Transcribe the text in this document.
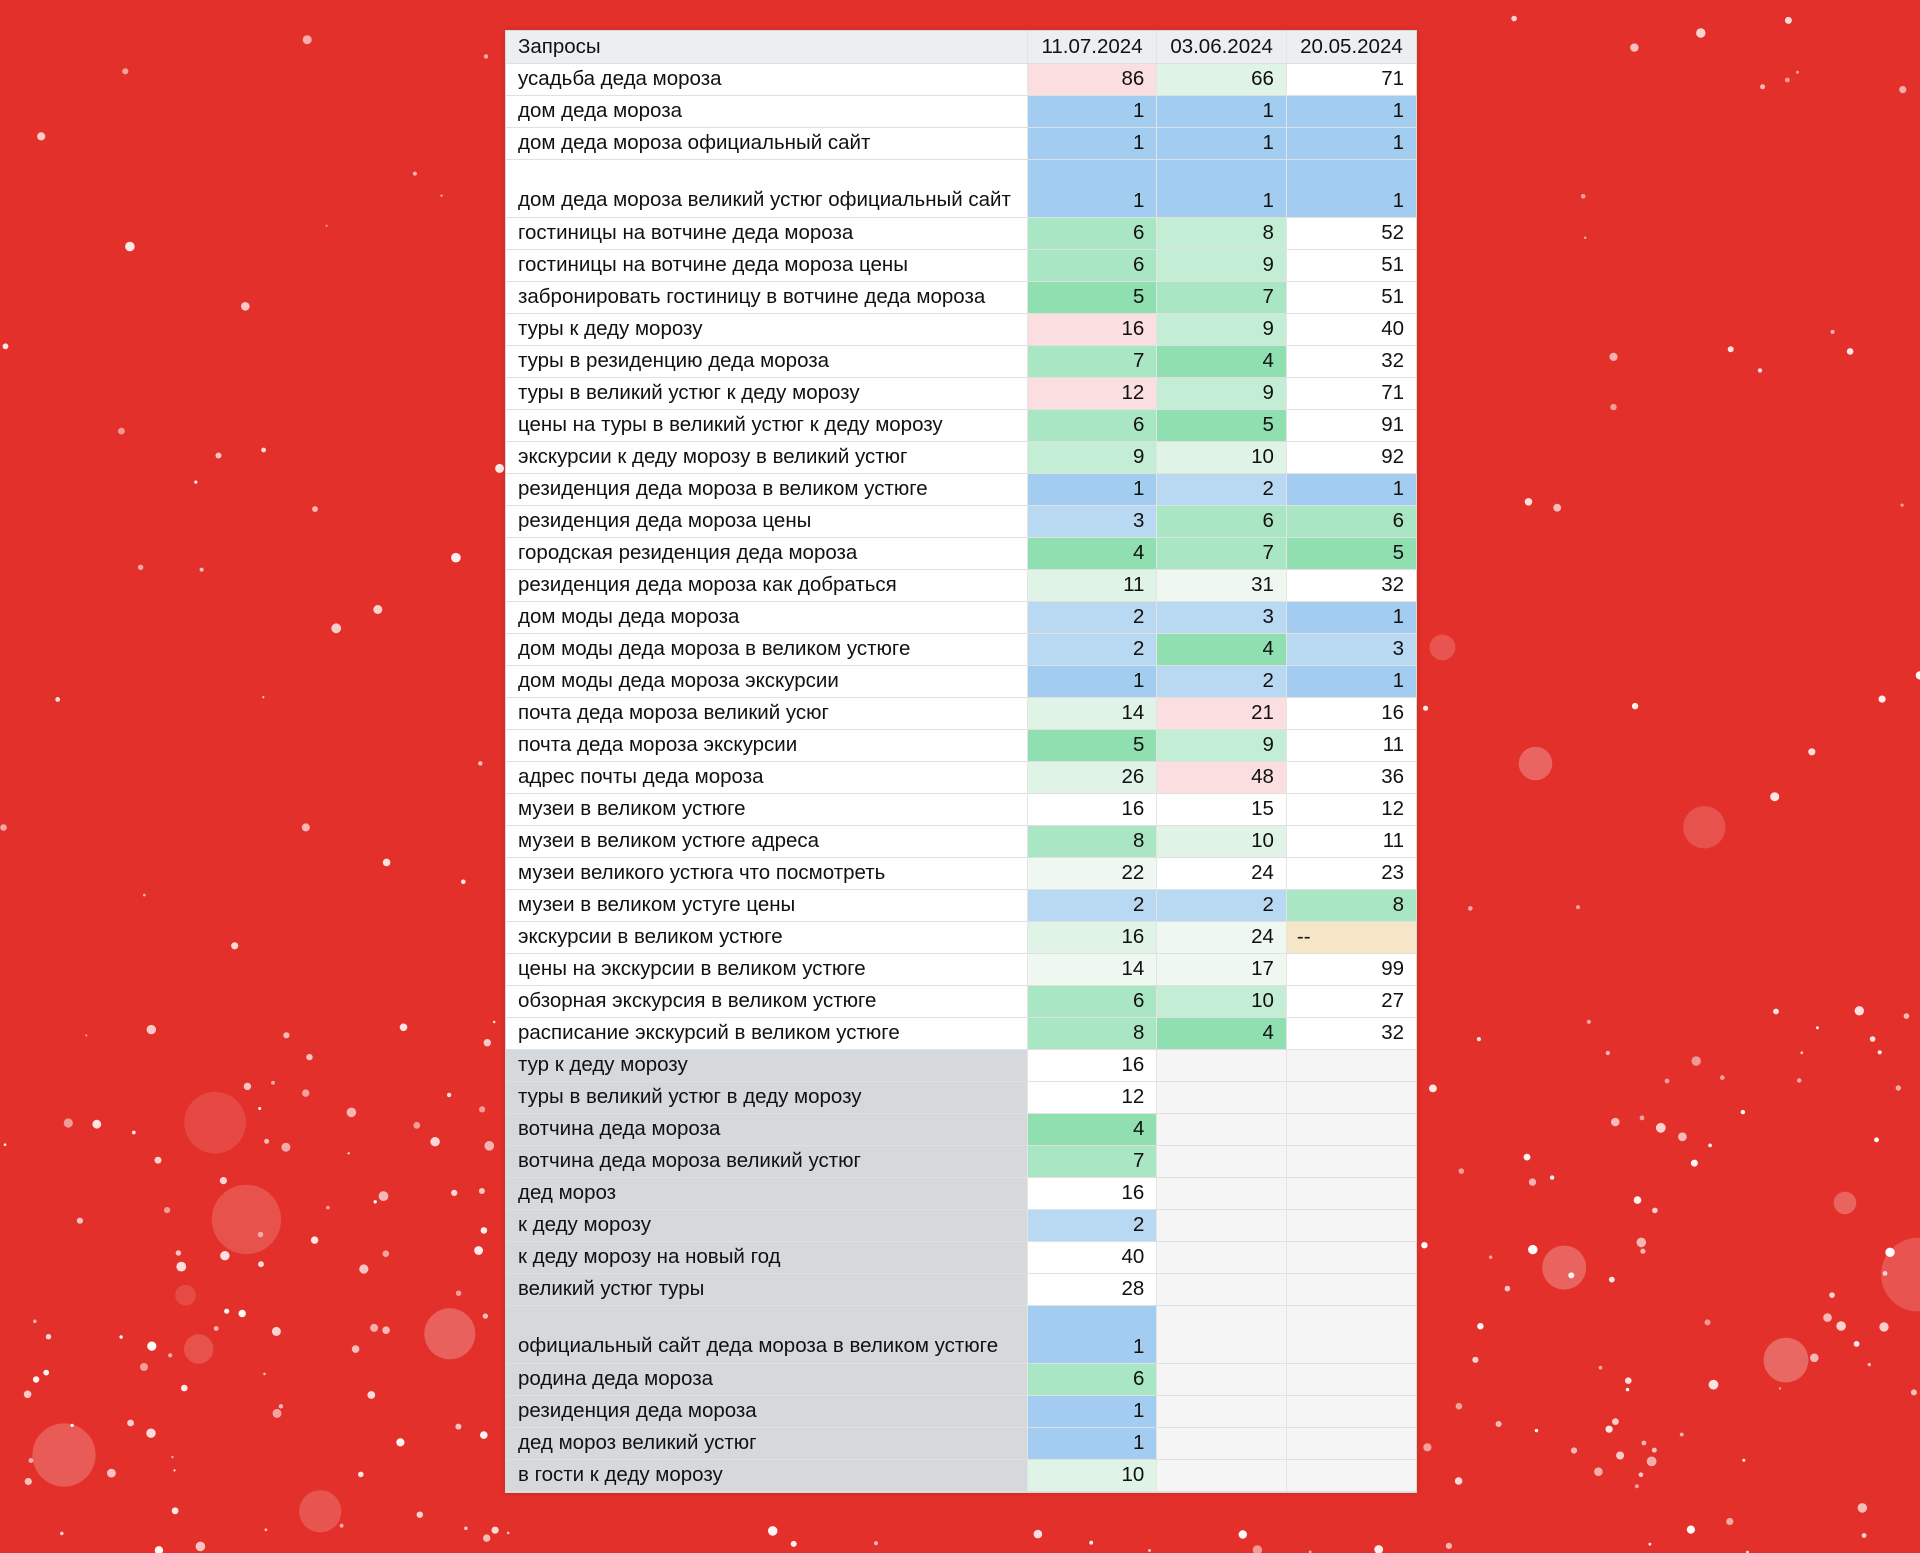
Запросы	11.07.2024	03.06.2024	20.05.2024
усадьба деда мороза	86	66	71
дом деда мороза	1	1	1
дом деда мороза официальный сайт	1	1	1
дом деда мороза великий устюг официальный сайт	1	1	1
гостиницы на вотчине деда мороза	6	8	52
гостиницы на вотчине деда мороза цены	6	9	51
забронировать гостиницу в вотчине деда мороза	5	7	51
туры к деду морозу	16	9	40
туры в резиденцию деда мороза	7	4	32
туры в великий устюг к деду морозу	12	9	71
цены на туры в великий устюг к деду морозу	6	5	91
экскурсии к деду морозу в великий устюг	9	10	92
резиденция деда мороза в великом устюге	1	2	1
резиденция деда мороза цены	3	6	6
городская резиденция деда мороза	4	7	5
резиденция деда мороза как добраться	11	31	32
дом моды деда мороза	2	3	1
дом моды деда мороза в великом устюге	2	4	3
дом моды деда мороза экскурсии	1	2	1
почта деда мороза великий усюг	14	21	16
почта деда мороза экскурсии	5	9	11
адрес почты деда мороза	26	48	36
музеи в великом устюге	16	15	12
музеи в великом устюге адреса	8	10	11
музеи великого устюга что посмотреть	22	24	23
музеи в великом устуге цены	2	2	8
экскурсии в великом устюге	16	24	--
цены на экскурсии в великом устюге	14	17	99
обзорная экскурсия в великом устюге	6	10	27
расписание экскурсий в великом устюге	8	4	32
тур к деду морозу	16		
туры в великий устюг в деду морозу	12		
вотчина деда мороза	4		
вотчина деда мороза великий устюг	7		
дед мороз	16		
к деду морозу	2		
к деду морозу на новый год	40		
великий устюг туры	28		
официальный сайт деда мороза в великом устюге	1		
родина деда мороза	6		
резиденция деда мороза	1		
дед мороз великий устюг	1		
в гости к деду морозу	10		
